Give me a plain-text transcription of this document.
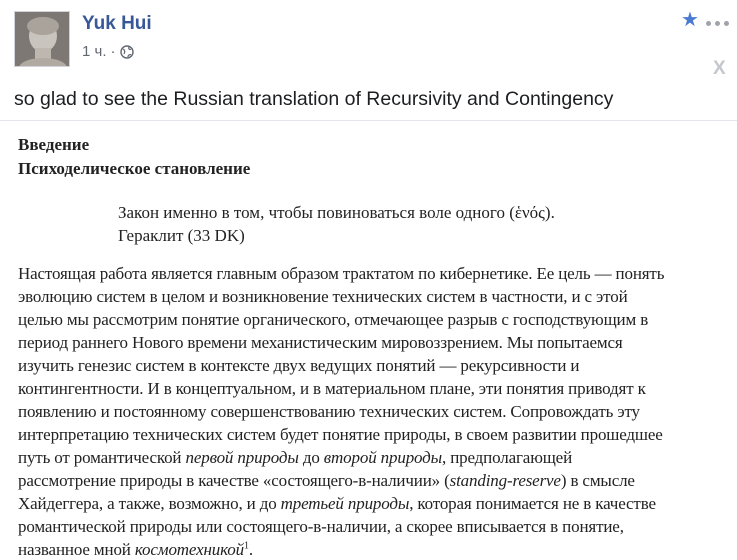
Yuk Hui
1 ч. ·
★
X
so glad to see the Russian translation of Recursivity and Contingency
Введение
Психоделическое становление
Закон именно в том, чтобы повиноваться воле одного (ἑνός).
Гераклит (33 DK)
Настоящая работа является главным образом трактатом по кибернетике. Ее цель — понять
эволюцию систем в целом и возникновение технических систем в частности, и с этой
целью мы рассмотрим понятие органического, отмечающее разрыв с господствующим в
период раннего Нового времени механистическим мировоззрением. Мы попытаемся
изучить генезис систем в контексте двух ведущих понятий — рекурсивности и
контингентности. И в концептуальном, и в материальном плане, эти понятия приводят к
появлению и постоянному совершенствованию технических систем. Сопровождать эту
интерпретацию технических систем будет понятие природы, в своем развитии прошедшее
путь от романтической первой природы до второй природы, предполагающей
рассмотрение природы в качестве «состоящего-в-наличии» (standing-reserve) в смысле
Хайдеггера, а также, возможно, и до третьей природы, которая понимается не в качестве
романтической природы или состоящего-в-наличии, а скорее вписывается в понятие,
названное мной космотехникой$^1$.
